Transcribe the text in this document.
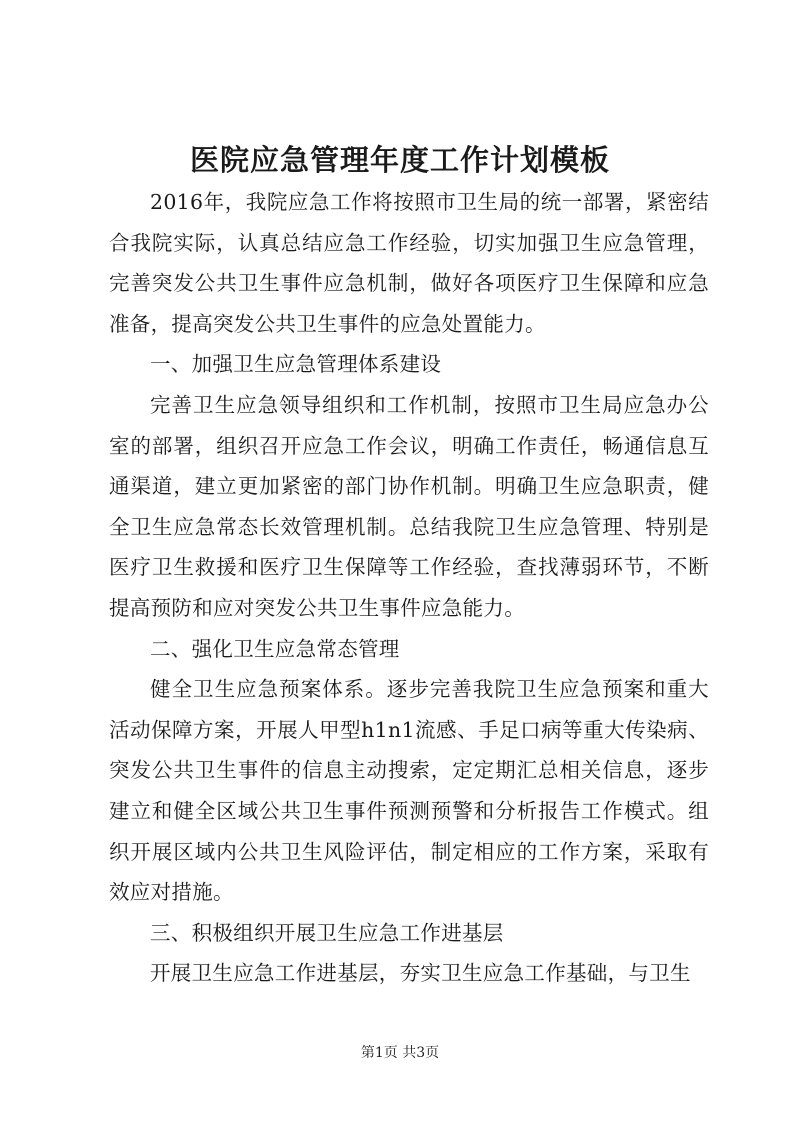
医院应急管理年度工作计划模板

2016年，我院应急工作将按照市卫生局的统一部署，紧密结合我院实际，认真总结应急工作经验，切实加强卫生应急管理，完善突发公共卫生事件应急机制，做好各项医疗卫生保障和应急准备，提高突发公共卫生事件的应急处置能力。

一、加强卫生应急管理体系建设

完善卫生应急领导组织和工作机制，按照市卫生局应急办公室的部署，组织召开应急工作会议，明确工作责任，畅通信息互通渠道，建立更加紧密的部门协作机制。明确卫生应急职责，健全卫生应急常态长效管理机制。总结我院卫生应急管理、特别是医疗卫生救援和医疗卫生保障等工作经验，查找薄弱环节，不断提高预防和应对突发公共卫生事件应急能力。

二、强化卫生应急常态管理

健全卫生应急预案体系。逐步完善我院卫生应急预案和重大活动保障方案，开展人甲型h1n1流感、手足口病等重大传染病、突发公共卫生事件的信息主动搜索，定定期汇总相关信息，逐步建立和健全区域公共卫生事件预测预警和分析报告工作模式。组织开展区域内公共卫生风险评估，制定相应的工作方案，采取有效应对措施。

三、积极组织开展卫生应急工作进基层

开展卫生应急工作进基层，夯实卫生应急工作基础，与卫生

第1页 共3页
